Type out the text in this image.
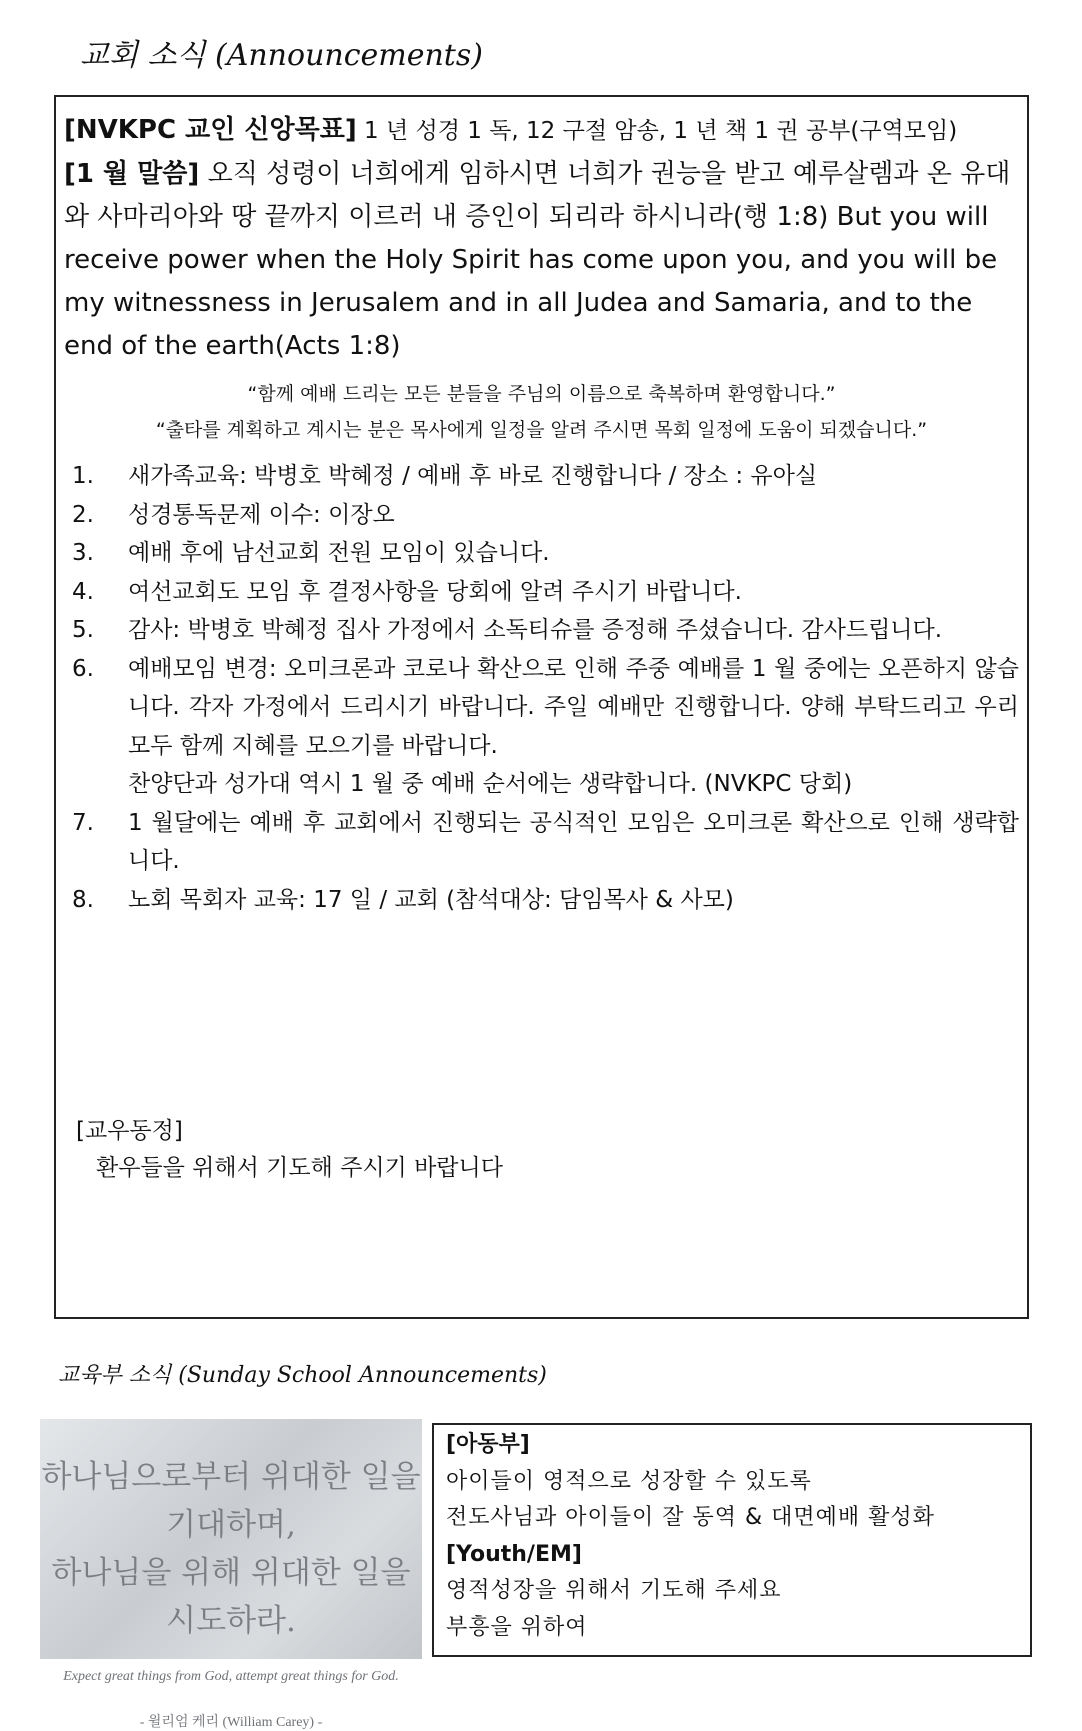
교회 소식 (Announcements)
[NVKPC 교인 신앙목표] 1 년 성경 1 독, 12 구절 암송, 1 년 책 1 권 공부(구역모임)
[1 월 말씀] 오직 성령이 너희에게 임하시면 너희가 권능을 받고 예루살렘과 온 유대와 사마리아와 땅 끝까지 이르러 내 증인이 되리라 하시니라(행 1:8) But you will receive power when the Holy Spirit has come upon you, and you will be my witnessness in Jerusalem and in all Judea and Samaria, and to the end of the earth(Acts 1:8)
“함께 예배 드리는 모든 분들을 주님의 이름으로 축복하며 환영합니다.”
“출타를 계획하고 계시는 분은 목사에게 일정을 알려 주시면 목회 일정에 도움이 되겠습니다.”
1. 새가족교육: 박병호 박혜정 / 예배 후 바로 진행합니다 / 장소 : 유아실
2. 성경통독문제 이수: 이장오
3. 예배 후에 남선교회 전원 모임이 있습니다.
4. 여선교회도 모임 후 결정사항을 당회에 알려 주시기 바랍니다.
5. 감사: 박병호 박혜정 집사 가정에서 소독티슈를 증정해 주셨습니다. 감사드립니다.
6. 예배모임 변경: 오미크론과 코로나 확산으로 인해 주중 예배를 1 월 중에는 오픈하지 않습니다. 각자 가정에서 드리시기 바랍니다. 주일 예배만 진행합니다. 양해 부탁드리고 우리 모두 함께 지혜를 모으기를 바랍니다.
찬양단과 성가대 역시 1 월 중 예배 순서에는 생략합니다. (NVKPC 당회)
7. 1 월달에는 예배 후 교회에서 진행되는 공식적인 모임은 오미크론 확산으로 인해 생략합니다.
8. 노회 목회자 교육: 17 일 / 교회 (참석대상: 담임목사 & 사모)
[교우동정]
환우들을 위해서 기도해 주시기 바랍니다
교육부 소식 (Sunday School Announcements)
하나님으로부터 위대한 일을 기대하며,
하나님을 위해 위대한 일을 시도하라.
Expect great things from God, attempt great things for God.
- 윌리엄 케리 (William Carey) -
[아동부]
아이들이 영적으로 성장할 수 있도록
전도사님과 아이들이 잘 동역 & 대면예배 활성화
[Youth/EM]
영적성장을 위해서 기도해 주세요
부흥을 위하여
